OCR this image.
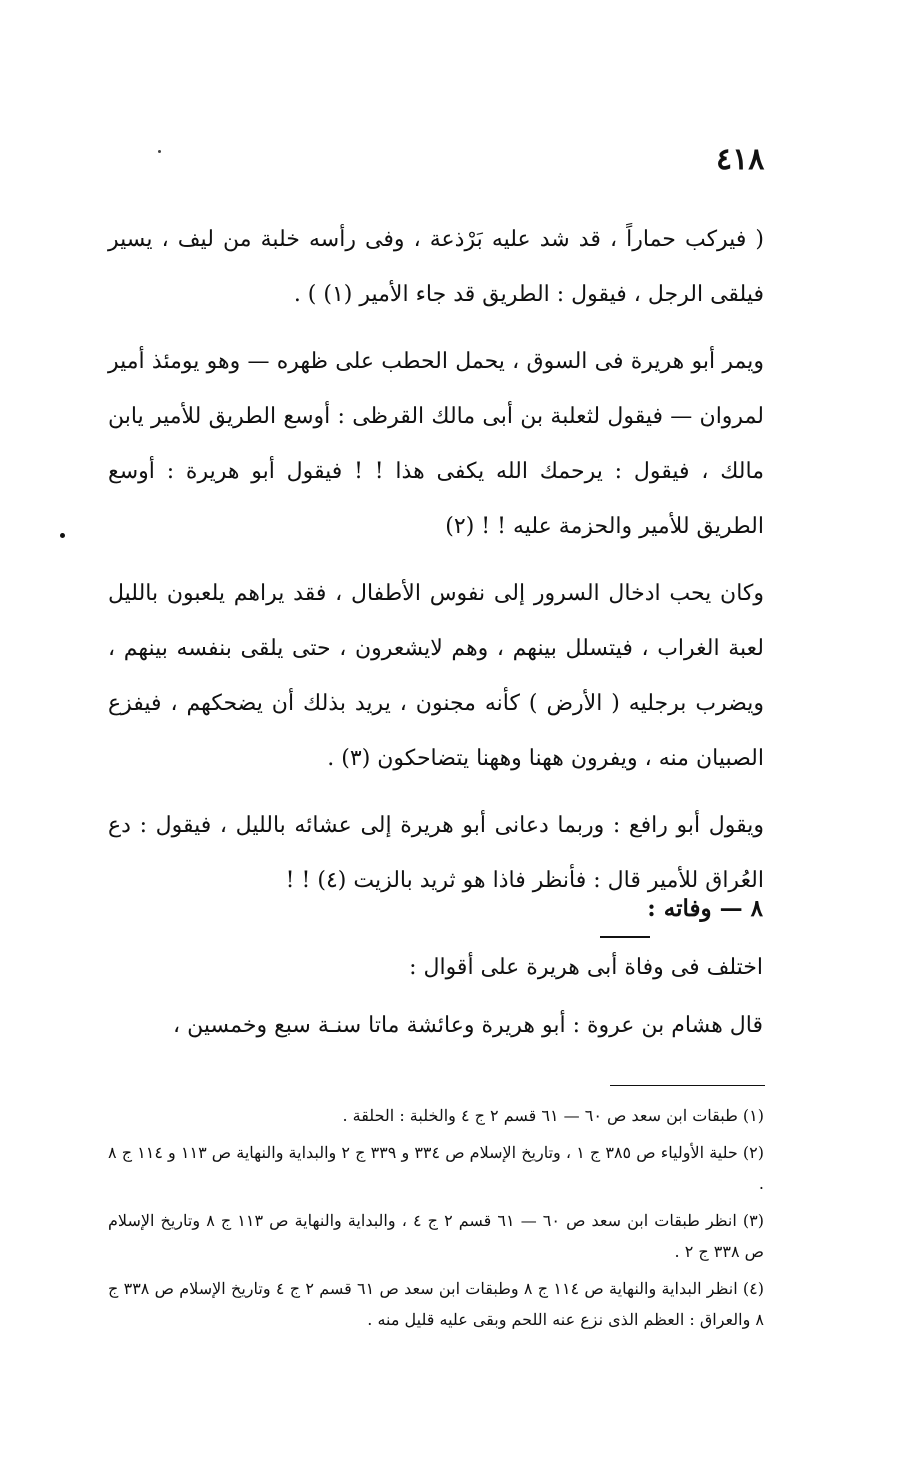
٤١٨

( فيركب حماراً ، قد شد عليه بَرْذعة ، وفى رأسه خلبة من ليف ، يسير فيلقى الرجل ، فيقول : الطريق قد جاء الأمير (١) ) .

ويمر أبو هريرة فى السوق ، يحمل الحطب على ظهره — وهو يومئذ أمير لمروان — فيقول لثعلبة بن أبى مالك القرظى : أوسع الطريق للأمير يابن مالك ، فيقول : يرحمك الله يكفى هذا ! ! فيقول أبو هريرة : أوسع الطريق للأمير والحزمة عليه ! ! (٢)

وكان يحب ادخال السرور إلى نفوس الأطفال ، فقد يراهم يلعبون بالليل لعبة الغراب ، فيتسلل بينهم ، وهم لايشعرون ، حتى يلقى بنفسه بينهم ، ويضرب برجليه ( الأرض ) كأنه مجنون ، يريد بذلك أن يضحكهم ، فيفزع الصبيان منه ، ويفرون ههنا وههنا يتضاحكون (٣) .

ويقول أبو رافع : وربما دعانى أبو هريرة إلى عشائه بالليل ، فيقول : دع العُراق للأمير قال : فأنظر فاذا هو ثريد بالزيت (٤) ! !

٨ — وفاته :
اختلف فى وفاة أبى هريرة على أقوال :
قال هشام بن عروة : أبو هريرة وعائشة ماتا سنـة سبع وخمسين ،

(١) طبقات ابن سعد ص ٦٠ — ٦١ قسم ٢ ج ٤ والخلبة : الحلقة .

(٢) حلية الأولياء ص ٣٨٥ ج ١ ، وتاريخ الإسلام ص ٣٣٤ و ٣٣٩ ج ٢ والبداية والنهاية ص ١١٣ و ١١٤ ج ٨ .

(٣) انظر طبقات ابن سعد ص ٦٠ — ٦١ قسم ٢ ج ٤ ، والبداية والنهاية ص ١١٣ ج ٨ وتاريخ الإسلام ص ٣٣٨ ج ٢ .

(٤) انظر البداية والنهاية ص ١١٤ ج ٨ وطبقات ابن سعد ص ٦١ قسم ٢ ج ٤ وتاريخ الإسلام ص ٣٣٨ ج ٨ والعراق : العظم الذى نزع عنه اللحم وبقى عليه قليل منه .
